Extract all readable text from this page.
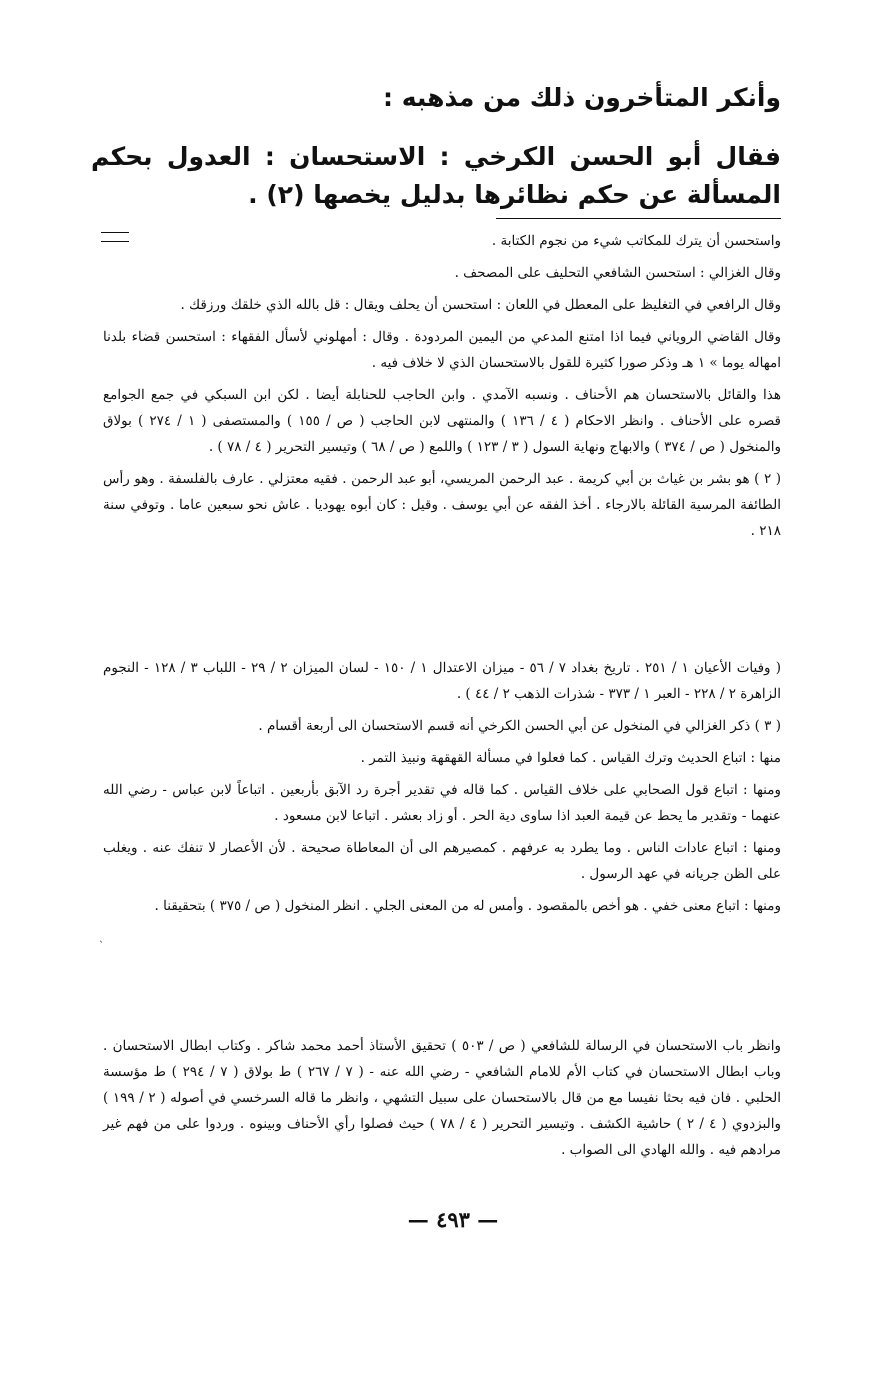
وأنكر المتأخرون ذلك من مذهبه :
فقال أبو الحسن الكرخي : الاستحسان : العدول بحكم المسألة عن حكم نظائرها بدليل يخصها (٢) .

واستحسن أن يترك للمكاتب شيء من نجوم الكتابة .

وقال الغزالي : استحسن الشافعي التحليف على المصحف .

وقال الرافعي في التغليظ على المعطل في اللعان : استحسن أن يحلف ويقال : قل بالله الذي خلقك ورزقك .

وقال القاضي الروياني فيما اذا امتنع المدعي من اليمين المردودة . وقال : أمهلوني لأسأل الفقهاء : استحسن قضاء بلدنا امهاله يوما » ١ هـ وذكر صورا كثيرة للقول بالاستحسان الذي لا خلاف فيه .

هذا والقائل بالاستحسان هم الأحناف . ونسبه الآمدي . وابن الحاجب للحنابلة أيضا . لكن ابن السبكي في جمع الجوامع قصره على الأحناف . وانظر الاحكام ( ٤ / ١٣٦ ) والمنتهى لابن الحاجب ( ص / ١٥٥ ) والمستصفى ( ١ / ٢٧٤ ) بولاق والمنخول ( ص / ٣٧٤ ) والابهاج ونهاية السول ( ٣ / ١٢٣ ) واللمع ( ص / ٦٨ ) وتيسير التحرير ( ٤ / ٧٨ ) .

( ٢ ) هو بشر بن غياث بن أبي كريمة . عبد الرحمن المريسي، أبو عبد الرحمن . فقيه معتزلي . عارف بالفلسفة . وهو رأس الطائفة المرسية القائلة بالارجاء . أخذ الفقه عن أبي يوسف . وقيل : كان أبوه يهوديا . عاش نحو سبعين عاما . وتوفي سنة ٢١٨ .

( وفيات الأعيان ١ / ٢٥١ . تاريخ بغداد ٧ / ٥٦ - ميزان الاعتدال ١ / ١٥٠ - لسان الميزان ٢ / ٢٩ - اللباب ٣ / ١٢٨ - النجوم الزاهرة ٢ / ٢٢٨ - العبر ١ / ٣٧٣ - شذرات الذهب ٢ / ٤٤ ) .

( ٣ ) ذكر الغزالي في المنخول عن أبي الحسن الكرخي أنه قسم الاستحسان الى أربعة أقسام .

منها : اتباع الحديث وترك القياس . كما فعلوا في مسألة القهقهة ونبيذ التمر .

ومنها : اتباع قول الصحابي على خلاف القياس . كما قاله في تقدير أجرة رد الآبق بأربعين . اتباعاً لابن عباس - رضي الله عنهما - وتقدير ما يحط عن قيمة العبد اذا ساوى دية الحر . أو زاد بعشر . اتباعا لابن مسعود .

ومنها : اتباع عادات الناس . وما يطرد به عرفهم . كمصيرهم الى أن المعاطاة صحيحة . لأن الأعصار لا تنفك عنه . ويغلب على الظن جريانه في عهد الرسول .

ومنها : اتباع معنى خفي . هو أخص بالمقصود . وأمس له من المعنى الجلي . انظر المنخول ( ص / ٣٧٥ ) بتحقيقنا .

ˎ

وانظر باب الاستحسان في الرسالة للشافعي ( ص / ٥٠٣ ) تحقيق الأستاذ أحمد محمد شاكر . وكتاب ابطال الاستحسان . وباب ابطال الاستحسان في كتاب الأم للامام الشافعي - رضي الله عنه - ( ٧ / ٢٦٧ ) ط بولاق ( ٧ / ٢٩٤ ) ط مؤسسة الحلبي . فان فيه بحثا نفيسا مع من قال بالاستحسان على سبيل التشهي ، وانظر ما قاله السرخسي في أصوله ( ٢ / ١٩٩ ) والبزدوي ( ٤ / ٢ ) حاشية الكشف . وتيسير التحرير ( ٤ / ٧٨ ) حيث فصلوا رأي الأحناف وبينوه . وردوا على من فهم غير مرادهم فيه . والله الهادي الى الصواب .

— ٤٩٣ —
